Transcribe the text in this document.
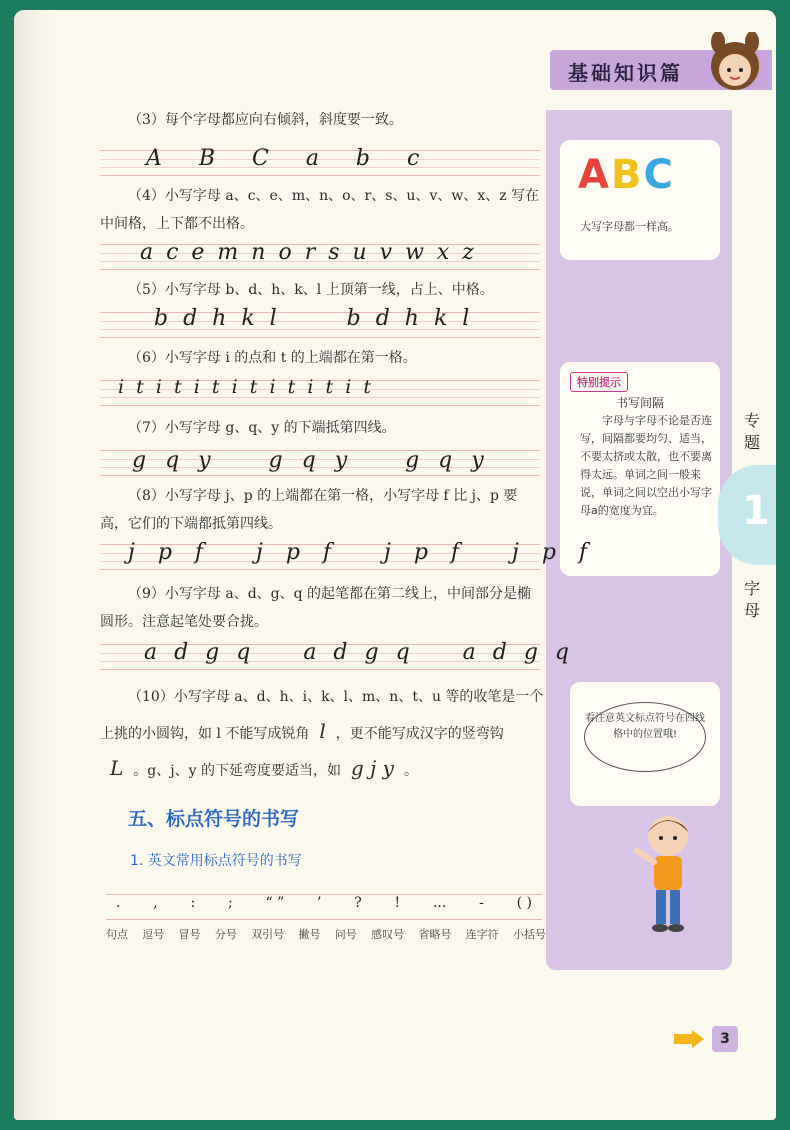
基础知识篇
ABC
大写字母都一样高。
特别提示
书写间隔
字母与字母不论是否连写，间隔都要均匀、适当，不要太挤或太散，也不要离得太远。单词之间一般来说，单词之间以空出小写字母a的宽度为宜。
看注意英文标点符号在四线格中的位置哦!
专题
1
字母
（3）每个字母都应向右倾斜，斜度要一致。
A   B   C   a   b   c
（4）小写字母 a、c、e、m、n、o、r、s、u、v、w、x、z 写在中间格，上下都不出格。
a c e m n o r s u v w x z
（5）小写字母 b、d、h、k、l 上顶第一线，占上、中格。
b d h k l      b d h k l
（6）小写字母 i 的点和 t 的上端都在第一格。
i  t  i  t  i  t  i  t  i  t  i  t  i  t
（7）小写字母 g、q、y 的下端抵第四线。
g q y    g q y    g q y
（8）小写字母 j、p 的上端都在第一格，小写字母 f 比 j、p 要高，它们的下端都抵第四线。
j p f   j p f   j p f   j p f
（9）小写字母 a、d、g、q 的起笔都在第二线上，中间部分是椭圆形。注意起笔处要合拢。
a d g q    a d g q    a d g q
（10）小写字母 a、d、h、i、k、l、m、n、t、u 等的收笔是一个上挑的小圆钩，如 l 不能写成锐角 l ，更不能写成汉字的竖弯钩L 。g、j、y 的下延弯度要适当，如 g j y 。
五、标点符号的书写
1. 英文常用标点符号的书写
. , : ; “ ” ’ ? ! ... - ( )
句点 逗号 冒号 分号 双引号 撇号 问号 感叹号 省略号 连字符 小括号
3
